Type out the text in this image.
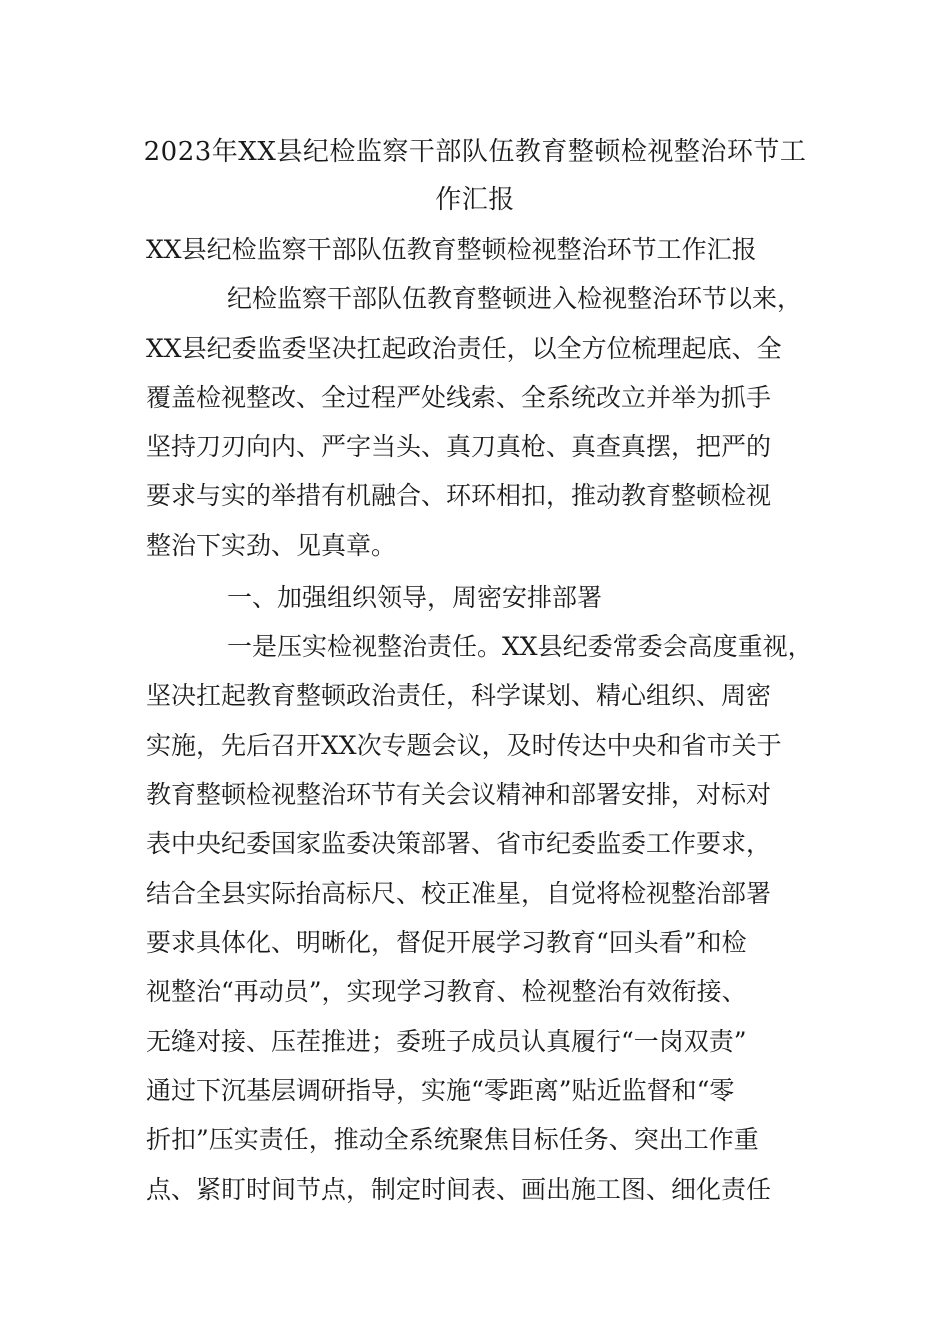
2023年XX县纪检监察干部队伍教育整顿检视整治环节工
作汇报
XX县纪检监察干部队伍教育整顿检视整治环节工作汇报
纪检监察干部队伍教育整顿进入检视整治环节以来，
XX县纪委监委坚决扛起政治责任，以全方位梳理起底、全
覆盖检视整改、全过程严处线索、全系统改立并举为抓手
坚持刀刃向内、严字当头、真刀真枪、真查真摆，把严的
要求与实的举措有机融合、环环相扣，推动教育整顿检视
整治下实劲、见真章。
一、加强组织领导，周密安排部署
一是压实检视整治责任。XX县纪委常委会高度重视，
坚决扛起教育整顿政治责任，科学谋划、精心组织、周密
实施，先后召开XX次专题会议，及时传达中央和省市关于
教育整顿检视整治环节有关会议精神和部署安排，对标对
表中央纪委国家监委决策部署、省市纪委监委工作要求，
结合全县实际抬高标尺、校正准星，自觉将检视整治部署
要求具体化、明晰化，督促开展学习教育“回头看”和检
视整治“再动员”，实现学习教育、检视整治有效衔接、
无缝对接、压茬推进；委班子成员认真履行“一岗双责”
通过下沉基层调研指导，实施“零距离”贴近监督和“零
折扣”压实责任，推动全系统聚焦目标任务、突出工作重
点、紧盯时间节点，制定时间表、画出施工图、细化责任
